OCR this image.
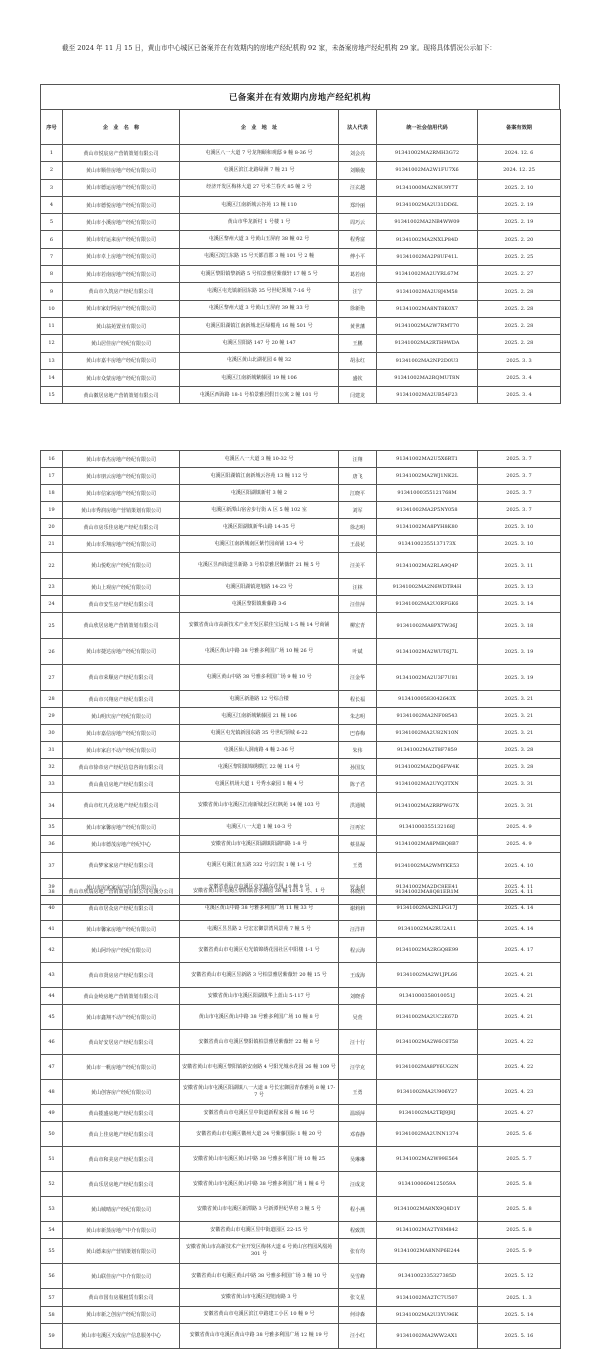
截至 2024 年 11 月 15 日，黄山市中心城区已备案并在有效期内的房地产经纪机构 92 家，未备案房地产经纪机构 29 家。现将具体情况公示如下：

已备案并在有效期内房地产经纪机构
序号	企　业　名　称	企　业　地　址	法人代表	统一社会信用代码	备案有效期
1	黄山市悦宸房产营销策划有限公司	屯溪区八一大道 7 号龙翔颐和观邸 9 幢 8-36 号	刘会亮	91341002MA2RMH3G72	2024. 12. 6
2	黄山市顺佳房地产经纪有限公司	屯溪区滨江北路绿洲 7 幢 21 号	刘顺俊	91341002MA2W1FU7X6	2024. 12. 25
3	黄山市德运房地产经纪有限公司	经济开发区梅林大道 27 号米兰春天 85 幢 2 号	汪玄越	91341000MA2N8U9Y7T	2025. 2. 10
4	黄山市德悦房地产经纪有限公司	屯溪区江南新城云谷苑 13 幢 110	郑玲丽	91341002MA2U31DD6L	2025. 2. 19
5	黄山市小溪房地产经纪有限公司	黄山市华龙新村 1 号楼 1 号	周巧云	91341002MA2NB4WW09	2025. 2. 19
6	黄山市好运来房产经纪有限公司	屯溪区黎州大道 3 号黄山玉屏府 38 幢 02 号	程秀富	91341002MA2NXLP84D	2025. 2. 20
7	黄山市卓上房地产经纪有限公司	屯溪区滨江东路 15 号天都首郡 3 幢 101 号 2 幢	傅小平	91341002MA2P8UF41L	2025. 2. 25
8	黄山市若南房地产经纪有限公司	屯溪区黎阳镇黎新路 5 号柏景雅居紫薇轩 17 幢 5 号	葛若南	91341002MA2UYRL67M	2025. 2. 27
9	黄山市久筑房产经纪有限公司	屯溪区屯光镇新园东路 35 号世纪领城 7-16 号	汪宁	91341002MA2U8J4M58	2025. 2. 28
10	黄山市家好阿房产经纪有限公司	屯溪区黎州大道 3 号黄山玉屏府 39 幢 33 号	徐新艳	91341002MA8NT8K0X7	2025. 2. 28
11	黄山翁苑置业有限公司	屯溪区阳湖镇江南新城北区绿楣苑 16 幢 501 号	黄世藩	91341002MA2W7RMT70	2025. 2. 28
12	黄山居佳房产经纪有限公司	屯溪区昱阳路 147 号 20 幢 147	王鹏	91341002MA2RTH9WDA	2025. 2. 28
13	黄山市嘉丰房地产经纪有限公司	屯溪区黄山北湖花园 6 幢 32	胡永红	91341002MA2NP2D0U3	2025. 3. 3
14	黄山市众蒙房地产经纪有限公司	屯溪区江南新城紫藤园 19 幢 106	盛钦	91341002MA2RQMUT8N	2025. 3. 4
15	黄山徽居房地产营销策划有限公司	屯溪区西海路 18-1 号柏景雅居假日公寓 2 幢 101 号	闫建龙	91341002MA2UB54F23	2025. 3. 4
16	黄山市春杰房地产经纪有限公司	屯溪区八一大道 3 幢 10-32 号	汪翔	91341002MA2U5X6RT1	2025. 3. 7
17	黄山市朋云房地产经纪有限公司	屯溪区阳湖镇江南新城云谷苑 13 幢 112 号	唐飞	91341002MA2WJ1NK2L	2025. 3. 7
18	黄山市信家房地产经纪有限公司	屯溪区阳湖镇新村 3 幢 2	江晓平	91341000355121768M	2025. 3. 7
19	黄山市秀润房地产营销策划有限公司	屯溪区新潭山宿舍步行街 A 区 5 幢 102 室	刘军	91341002MA2P5NY058	2025. 3. 7
20	黄山市房乐佳房地产经纪有限公司	屯溪区阳湖镇新华山路 14-35 号	徐志明	91341002MA8PYH8K80	2025. 3. 10
21	黄山市乐翔房地产经纪有限公司	屯溪区江南新城南区紫竹园商铺 13-4 号	王晨花	91341002355137173X	2025. 3. 10
22	黄山悦屹房产经纪有限公司	屯溪区昱西街道昱新路 3 号柏景雅居紫薇轩 21 幢 5 号	汪美平	91341002MA2RLA9Q4P	2025. 3. 11
23	黄山上观房产经纪有限公司	屯溪区阳湖镇迎旭路 14-23 号	汪林	91341002MA2N6WDTR4H	2025. 3. 13
24	黄山市安生房产经纪有限公司	屯溪区黎阳镇紫藤路 3-6	汪佳萍	91341002MA2U0RFGK6	2025. 3. 14
25	黄山欣居房地产营销策划有限公司	安徽省黄山市高新技术产业开发区联佳宝远城 1-5 幢 14 号商铺	柳宏青	91341002MA8PX7W36J	2025. 3. 18
26	黄山市捷达房地产经纪有限公司	屯溪区黄山中路 38 号雅多利国广场 10 幢 26 号	叶斌	91341002MA2WUT6J7L	2025. 3. 19
27	黄山市荣顺房产经纪有限公司	屯溪区黄山中路 38 号雅多利国广场 9 幢 10 号	汪金华	91341002MA2U3F7U81	2025. 3. 19
28	黄山市兴翔房产经纪有限公司	屯溪区新港路 12 号综合楼	程长福	91341000583042643X	2025. 3. 21
29	黄山明庆房产经纪有限公司	屯溪区江南新城紫藤园 21 幢 106	朱志明	91341002MA2NF08543	2025. 3. 21
30	黄山市嘉信房地产经纪有限公司	屯溪区屯光镇新园东路 35 号世纪领城 6-22	巴春梅	91341002MA2U82N10N	2025. 3. 21
31	黄山市家启不动产经纪有限公司	屯溪区仙人洞南路 4 幢 2-36 号	朱伟	91341002MA2T8F7859	2025. 3. 28
32	黄山市徐帝房产经纪信息咨询有限公司	屯溪区黎阳镇锦绣横江 22 幢 114 号	孙国友	91341002MA2DQ6FW4K	2025. 3. 28
33	黄山曲启房地产经纪有限公司	屯溪区机场大道 1 号秀水豪园 1 幢 4 号	陈子君	91341002MA2UYQ3TXN	2025. 3. 31
34	黄山市红凡花房地产经纪有限公司	安徽省黄山市屯溪区江南新城北区红枫苑 14 幢 103 号	洪通城	91341002MA2RRPWG7X	2025. 3. 31
35	黄山市家馨房地产经纪有限公司	屯溪区八一大道 1 幢 10-3 号	汪再宏	91341000355132168J	2025. 4. 9
36	黄山市德茂房地产经纪中心	安徽省黄山市屯溪区阳湖镇阳湖四路 1-8 号	蔡显凝	91341002MA8PMBQ8B7	2025. 4. 9
37	黄山梦家家房产经纪有限公司	屯溪区屯溪江南五路 332 号宗江院 1 幢 1-1 号	王勇	91341002MA2WMYKE53	2025. 4. 10
38	黄山市欣瑞房地产营销策划有限公司屯溪分公司	安徽省黄山市屯溪区黎阳镇香水御园 38 幢 101-1 号、1 号	林晓庆	91341002MA8Q81ER1M	2025. 4. 11
39	黄山市房家家房产中介有限公司	安徽省黄山市屯溪区屯光镇东花园 10 幢 9 号	罗永利	91341002MA2DC8EE41	2025. 4. 11
40	黄山市居众房产经纪有限公司	屯溪区黄山中路 38 号雅多利国广场 11 幢 33 号	谢莉莉	91341002MA2NLFG17J	2025. 4. 14
41	黄山市馨家房地产经纪有限公司	屯溪区昱昱路 2 号宏宏御景湾风景苑 7 幢 5 号	汪洋祥	91341002MA2RU2A11	2025. 4. 14
42	黄山阿玲房产经纪有限公司	安徽省黄山市屯溪区屯光镇锦绣花园社区中阳楼 1-1 号	程云海	91341002MA2RGQ8E99	2025. 4. 17
43	黄山市贤房房产经纪有限公司	安徽省黄山市屯溪区昱新路 3 号柏景雅居紫薇轩 20 幢 15 号	王成海	91341002MA2W1JPL66	2025. 4. 21
44	黄山金岭房地产营销策划有限公司	安徽省黄山市屯溪区阳湖镇华上蓝山 5-117 号	刘晓香	91341000358010051J	2025. 4. 21
45	黄山市鑫翔不动产经纪有限公司	黄山市屯溪区黄山中路 38 号雅多利国广场 10 幢 8 号	吴萱	91341002MA2UC2E67D	2025. 4. 21
46	黄山好安居房产经纪有限公司	安徽省黄山市屯溪区黎阳镇柏景雅居紫薇轩 22 幢 8 号	汪十行	91341002MA2W6C6T58	2025. 4. 22
47	黄山市一帆房地产经纪有限公司	安徽省黄山市屯溪区黎阳镇新安南路 4 号阳光城水花园 26 幢 109 号	汪学克	91341002MA8PY6UG2N	2025. 4. 22
48	黄山创客房产经纪有限公司	安徽省黄山市屯溪区阳湖镇八一大道 8 号长宏御园青春雅苑 8 幢 17-7 号	王勇	91341002MA2U906Y27	2025. 4. 23
49	黄山揽盛房地产经纪有限公司	安徽省黄山市屯溪区昱中街道新程家园 6 幢 16 号	温颂萍	91341002MA2TBJ9J8J	2025. 4. 27
50	黄山上佳房地产经纪有限公司	安徽省黄山市屯溪区徽州大道 24 号紫藤国际 1 幢 20 号	邓春静	91341002MA2UNN1374	2025. 5. 6
51	黄山市和美房产经纪有限公司	安徽省黄山市屯溪区黄山中路 38 号雅多利国广场 10 幢 25	吴琳琳	91341002MA2W99E564	2025. 5. 7
52	黄山乐居房地产经纪有限公司	安徽省黄山市屯溪区黄山中路 38 号雅多利国广场 1 幢 6 号	汪成龙	91341000604125059A	2025. 5. 8
53	黄山城晴房产经纪有限公司	安徽省黄山市屯溪区新潭路 3 号新潭世纪华府 3 幢 5 号	程小燕	91341002MA8NX9Q8D1Y	2025. 5. 8
54	黄山市新蒸房地产中介有限公司	安徽省黄山市屯溪区昱中街道园区 22-15 号	程致凯	91341002MA2TY8M842	2025. 5. 8
55	黄山德来房产营销策划有限公司	安徽省黄山市高新技术产业开发区梅林大道 6 号黄山宫档园风凰苑 301 号	张有均	91341002MA8NNP6E244	2025. 5. 9
56	黄山联佳房产中介有限公司	安徽省黄山市屯溪区黄山中路 38 号雅多利国广场 3 幢 10 号	吴雪峰	91341002335327385D	2025. 5. 12
57	黄山市国有房服租赁有限公司	安徽省黄山市屯溪区迎旭南路 3 号	张文星	91341002MA2TC7U507	2025. 1. 3
58	黄山市新之创房产经纪有限公司	安徽省黄山市屯溪区滨江中路建工小区 10 幢 9 号	何诗森	91341002MA2U3YU96K	2025. 5. 14
59	黄山市屯溪区天成房产信息服务中心	安徽省黄山市屯溪区黄山中路 38 号雅多利国广场 12 幢 19 号	汪小红	91341002MA2WW2AX1	2025. 5. 16
